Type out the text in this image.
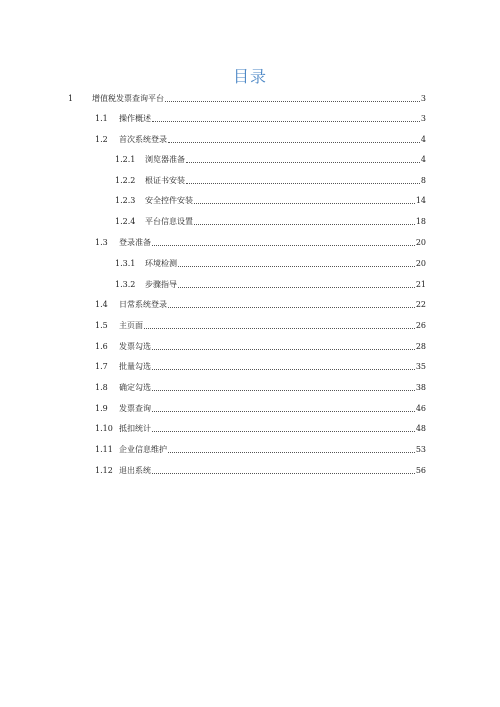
目录
1	增值税发票查询平台	3
1.1	操作概述	3
1.2	首次系统登录	4
1.2.1	浏览器准备	4
1.2.2	根证书安装	8
1.2.3	安全控件安装	14
1.2.4	平台信息设置	18
1.3	登录准备	20
1.3.1	环境检测	20
1.3.2	步骤指导	21
1.4	日常系统登录	22
1.5	主页面	26
1.6	发票勾选	28
1.7	批量勾选	35
1.8	确定勾选	38
1.9	发票查询	46
1.10 抵扣统计	48
1.11 企业信息维护	53
1.12 退出系统	56
